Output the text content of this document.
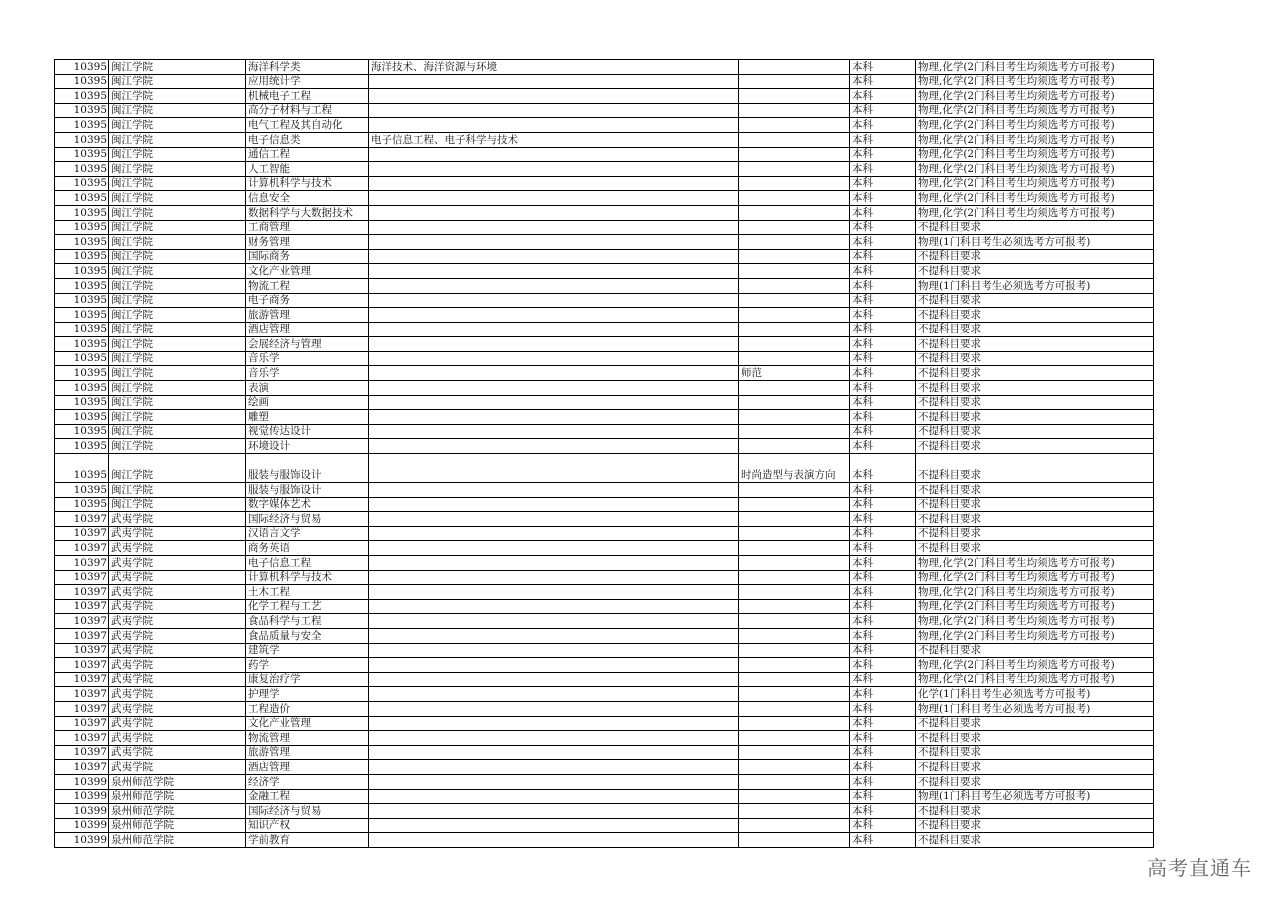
10395	闽江学院	海洋科学类	海洋技术、海洋资源与环境		本科	物理,化学(2门科目考生均须选考方可报考)
10395	闽江学院	应用统计学			本科	物理,化学(2门科目考生均须选考方可报考)
10395	闽江学院	机械电子工程			本科	物理,化学(2门科目考生均须选考方可报考)
10395	闽江学院	高分子材料与工程			本科	物理,化学(2门科目考生均须选考方可报考)
10395	闽江学院	电气工程及其自动化			本科	物理,化学(2门科目考生均须选考方可报考)
10395	闽江学院	电子信息类	电子信息工程、电子科学与技术		本科	物理,化学(2门科目考生均须选考方可报考)
10395	闽江学院	通信工程			本科	物理,化学(2门科目考生均须选考方可报考)
10395	闽江学院	人工智能			本科	物理,化学(2门科目考生均须选考方可报考)
10395	闽江学院	计算机科学与技术			本科	物理,化学(2门科目考生均须选考方可报考)
10395	闽江学院	信息安全			本科	物理,化学(2门科目考生均须选考方可报考)
10395	闽江学院	数据科学与大数据技术			本科	物理,化学(2门科目考生均须选考方可报考)
10395	闽江学院	工商管理			本科	不提科目要求
10395	闽江学院	财务管理			本科	物理(1门科目考生必须选考方可报考)
10395	闽江学院	国际商务			本科	不提科目要求
10395	闽江学院	文化产业管理			本科	不提科目要求
10395	闽江学院	物流工程			本科	物理(1门科目考生必须选考方可报考)
10395	闽江学院	电子商务			本科	不提科目要求
10395	闽江学院	旅游管理			本科	不提科目要求
10395	闽江学院	酒店管理			本科	不提科目要求
10395	闽江学院	会展经济与管理			本科	不提科目要求
10395	闽江学院	音乐学			本科	不提科目要求
10395	闽江学院	音乐学		师范	本科	不提科目要求
10395	闽江学院	表演			本科	不提科目要求
10395	闽江学院	绘画			本科	不提科目要求
10395	闽江学院	雕塑			本科	不提科目要求
10395	闽江学院	视觉传达设计			本科	不提科目要求
10395	闽江学院	环境设计			本科	不提科目要求
10395	闽江学院	服装与服饰设计		时尚造型与表演方向	本科	不提科目要求
10395	闽江学院	服装与服饰设计			本科	不提科目要求
10395	闽江学院	数字媒体艺术			本科	不提科目要求
10397	武夷学院	国际经济与贸易			本科	不提科目要求
10397	武夷学院	汉语言文学			本科	不提科目要求
10397	武夷学院	商务英语			本科	不提科目要求
10397	武夷学院	电子信息工程			本科	物理,化学(2门科目考生均须选考方可报考)
10397	武夷学院	计算机科学与技术			本科	物理,化学(2门科目考生均须选考方可报考)
10397	武夷学院	土木工程			本科	物理,化学(2门科目考生均须选考方可报考)
10397	武夷学院	化学工程与工艺			本科	物理,化学(2门科目考生均须选考方可报考)
10397	武夷学院	食品科学与工程			本科	物理,化学(2门科目考生均须选考方可报考)
10397	武夷学院	食品质量与安全			本科	物理,化学(2门科目考生均须选考方可报考)
10397	武夷学院	建筑学			本科	不提科目要求
10397	武夷学院	药学			本科	物理,化学(2门科目考生均须选考方可报考)
10397	武夷学院	康复治疗学			本科	物理,化学(2门科目考生均须选考方可报考)
10397	武夷学院	护理学			本科	化学(1门科目考生必须选考方可报考)
10397	武夷学院	工程造价			本科	物理(1门科目考生必须选考方可报考)
10397	武夷学院	文化产业管理			本科	不提科目要求
10397	武夷学院	物流管理			本科	不提科目要求
10397	武夷学院	旅游管理			本科	不提科目要求
10397	武夷学院	酒店管理			本科	不提科目要求
10399	泉州师范学院	经济学			本科	不提科目要求
10399	泉州师范学院	金融工程			本科	物理(1门科目考生必须选考方可报考)
10399	泉州师范学院	国际经济与贸易			本科	不提科目要求
10399	泉州师范学院	知识产权			本科	不提科目要求
10399	泉州师范学院	学前教育			本科	不提科目要求
高考直通车
